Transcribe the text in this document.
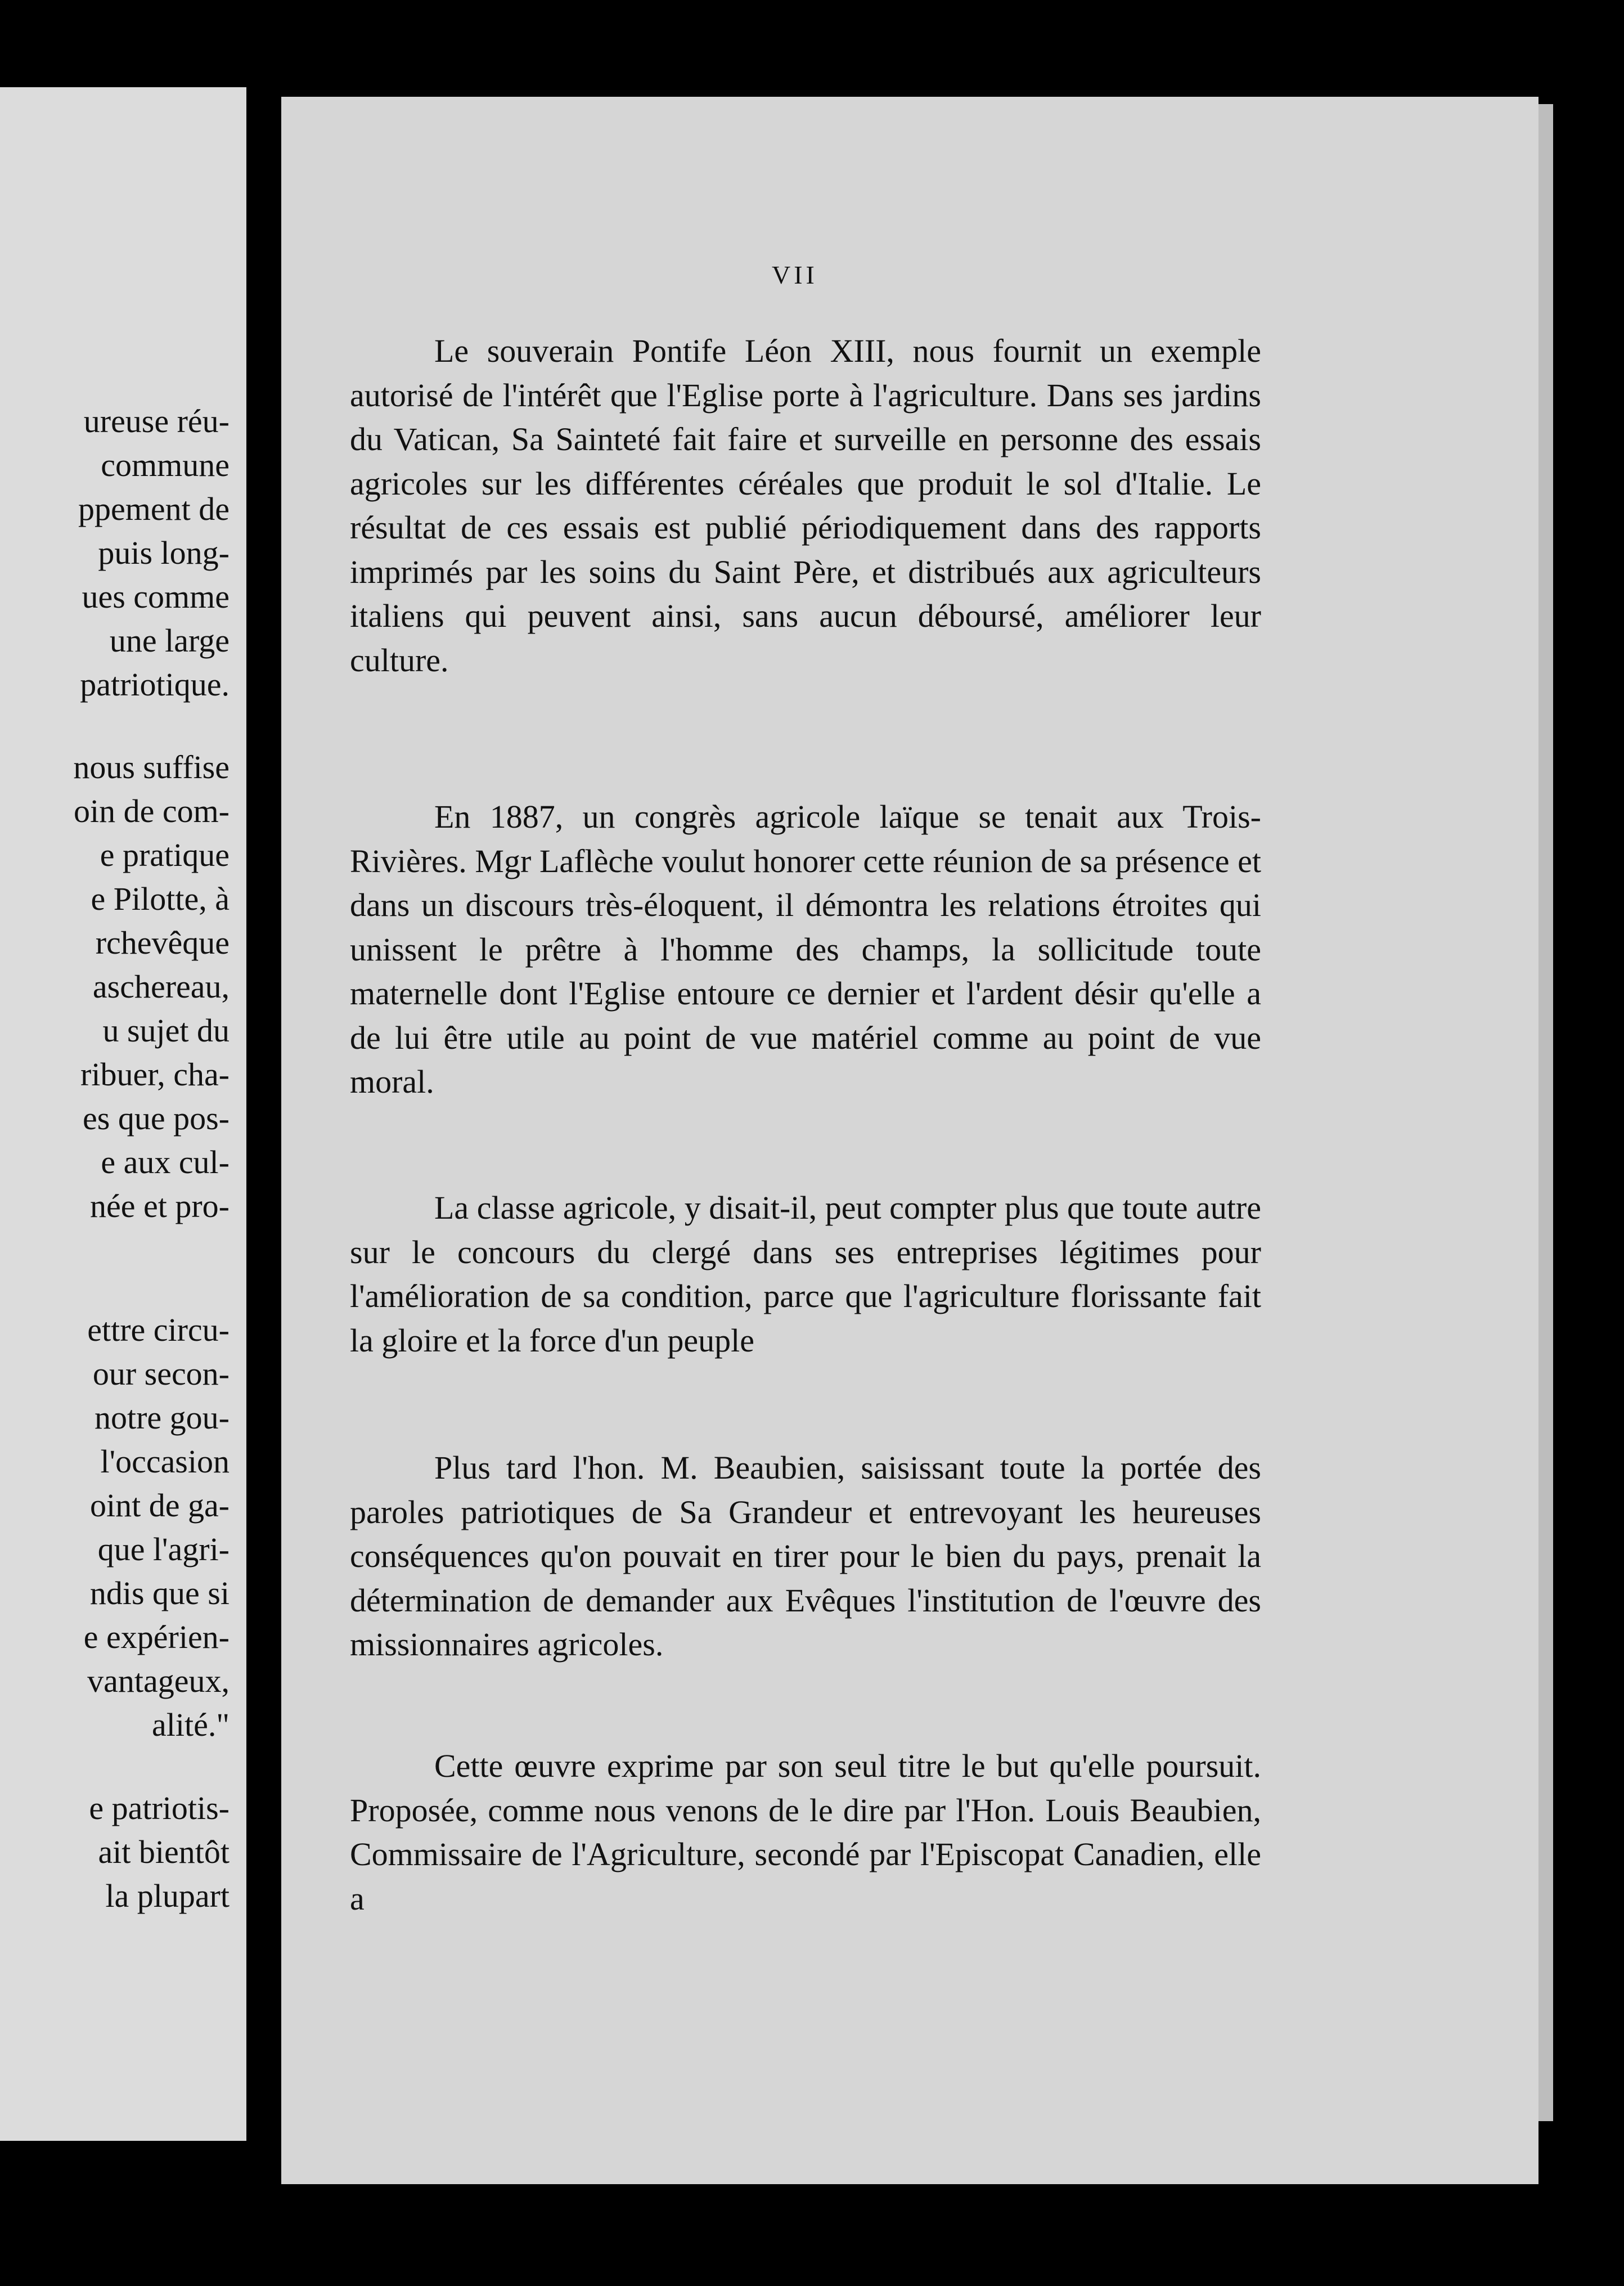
ureuse réu-
commune
ppement de
puis long-
ues comme
une large
patriotique.
nous suffise
oin de com-
e pratique
e Pilotte, à
rchevêque
aschereau,
u sujet du
ribuer, cha-
es que pos-
e aux cul-
née et pro-
ettre circu-
our secon-
notre gou-
l'occasion
oint de ga-
que l'agri-
ndis que si
e expérien-
vantageux,
alité."
e patriotis-
ait bientôt
la plupart
VII

Le souverain Pontife Léon XIII, nous fournit un exemple autorisé de l'intérêt que l'Eglise porte à l'agriculture. Dans ses jardins du Vatican, Sa Sainteté fait faire et surveille en personne des essais agricoles sur les différentes céréales que produit le sol d'Italie. Le résultat de ces essais est publié périodiquement dans des rapports imprimés par les soins du Saint Père, et distribués aux agriculteurs italiens qui peuvent ainsi, sans aucun déboursé, améliorer leur culture.

En 1887, un congrès agricole laïque se tenait aux Trois-Rivières. Mgr Laflèche voulut honorer cette réunion de sa présence et dans un discours très-éloquent, il démontra les relations étroites qui unissent le prêtre à l'homme des champs, la sollicitude toute maternelle dont l'Eglise entoure ce dernier et l'ardent désir qu'elle a de lui être utile au point de vue matériel comme au point de vue moral.

La classe agricole, y disait-il, peut compter plus que toute autre sur le concours du clergé dans ses entreprises légitimes pour l'amélioration de sa condition, parce que l'agriculture florissante fait la gloire et la force d'un peuple

Plus tard l'hon. M. Beaubien, saisissant toute la portée des paroles patriotiques de Sa Grandeur et entrevoyant les heureuses conséquences qu'on pouvait en tirer pour le bien du pays, prenait la détermination de demander aux Evêques l'institution de l'œuvre des missionnaires agricoles.

Cette œuvre exprime par son seul titre le but qu'elle poursuit. Proposée, comme nous venons de le dire par l'Hon. Louis Beaubien, Commissaire de l'Agriculture, secondé par l'Episcopat Canadien, elle a
